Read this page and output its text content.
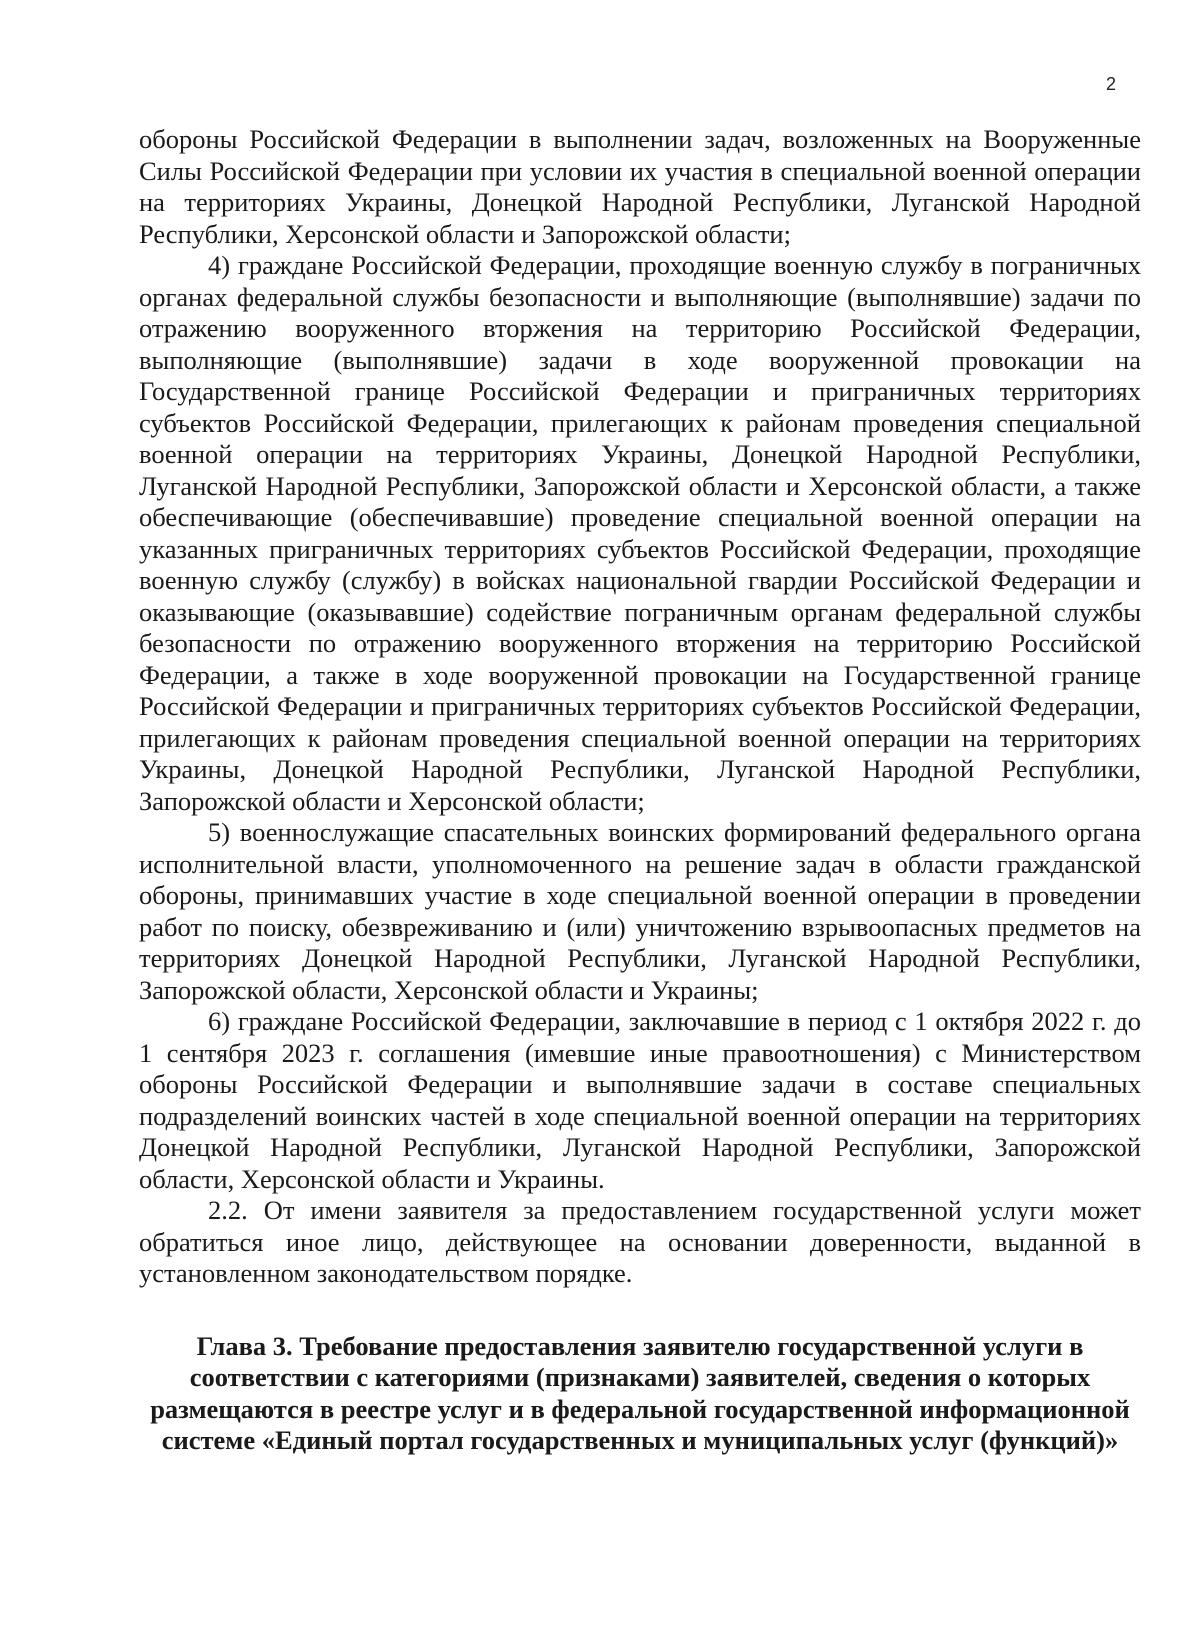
2

обороны Российской Федерации в выполнении задач, возложенных на Вооруженные Силы Российской Федерации при условии их участия в специальной военной операции на территориях Украины, Донецкой Народной Республики, Луганской Народной Республики, Херсонской области и Запорожской области;

4) граждане Российской Федерации, проходящие военную службу в пограничных органах федеральной службы безопасности и выполняющие (выполнявшие) задачи по отражению вооруженного вторжения на территорию Российской Федерации, выполняющие (выполнявшие) задачи в ходе вооруженной провокации на Государственной границе Российской Федерации и приграничных территориях субъектов Российской Федерации, прилегающих к районам проведения специальной военной операции на территориях Украины, Донецкой Народной Республики, Луганской Народной Республики, Запорожской области и Херсонской области, а также обеспечивающие (обеспечивавшие) проведение специальной военной операции на указанных приграничных территориях субъектов Российской Федерации, проходящие военную службу (службу) в войсках национальной гвардии Российской Федерации и оказывающие (оказывавшие) содействие пограничным органам федеральной службы безопасности по отражению вооруженного вторжения на территорию Российской Федерации, а также в ходе вооруженной провокации на Государственной границе Российской Федерации и приграничных территориях субъектов Российской Федерации, прилегающих к районам проведения специальной военной операции на территориях Украины, Донецкой Народной Республики, Луганской Народной Республики, Запорожской области и Херсонской области;

5) военнослужащие спасательных воинских формирований федерального органа исполнительной власти, уполномоченного на решение задач в области гражданской обороны, принимавших участие в ходе специальной военной операции в проведении работ по поиску, обезвреживанию и (или) уничтожению взрывоопасных предметов на территориях Донецкой Народной Республики, Луганской Народной Республики, Запорожской области, Херсонской области и Украины;

6) граждане Российской Федерации, заключавшие в период с 1 октября 2022 г. до 1 сентября 2023 г. соглашения (имевшие иные правоотношения) с Министерством обороны Российской Федерации и выполнявшие задачи в составе специальных подразделений воинских частей в ходе специальной военной операции на территориях Донецкой Народной Республики, Луганской Народной Республики, Запорожской области, Херсонской области и Украины.

2.2. От имени заявителя за предоставлением государственной услуги может обратиться иное лицо, действующее на основании доверенности, выданной в установленном законодательством порядке.

Глава 3. Требование предоставления заявителю государственной услуги в соответствии с категориями (признаками) заявителей, сведения о которых размещаются в реестре услуг и в федеральной государственной информационной системе «Единый портал государственных и муниципальных услуг (функций)»
